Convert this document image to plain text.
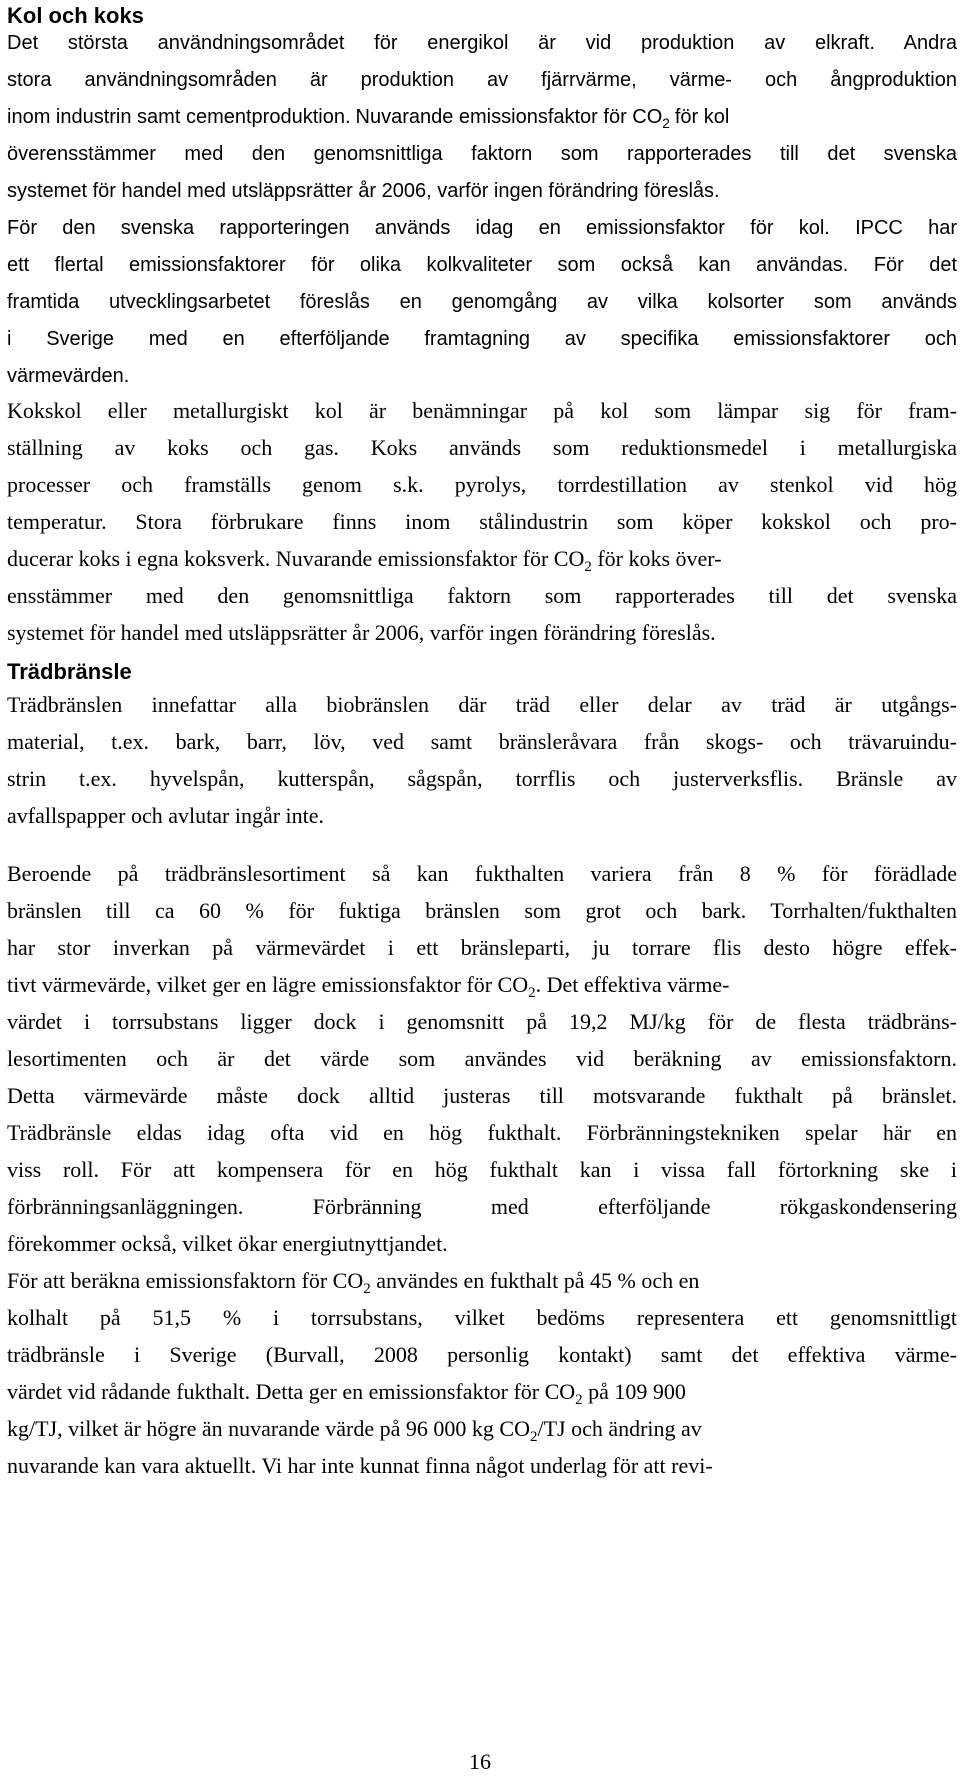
Kol och koks
Det största användningsområdet för energikol är vid produktion av elkraft. Andra
stora användningsområden är produktion av fjärrvärme, värme- och ångproduktion
inom industrin samt cementproduktion. Nuvarande emissionsfaktor för $CO_2$ för kol
överensstämmer med den genomsnittliga faktorn som rapporterades till det svenska
systemet för handel med utsläppsrätter år 2006, varför ingen förändring föreslås.
För den svenska rapporteringen används idag en emissionsfaktor för kol. IPCC har
ett flertal emissionsfaktorer för olika kolkvaliteter som också kan användas. För det
framtida utvecklingsarbetet föreslås en genomgång av vilka kolsorter som används
i Sverige med en efterföljande framtagning av specifika emissionsfaktorer och
värmevärden.
Kokskol eller metallurgiskt kol är benämningar på kol som lämpar sig för fram-
ställning av koks och gas. Koks används som reduktionsmedel i metallurgiska
processer och framställs genom s.k. pyrolys, torrdestillation av stenkol vid hög
temperatur. Stora förbrukare finns inom stålindustrin som köper kokskol och pro-
ducerar koks i egna koksverk. Nuvarande emissionsfaktor för $CO_2$ för koks över-
ensstämmer med den genomsnittliga faktorn som rapporterades till det svenska
systemet för handel med utsläppsrätter år 2006, varför ingen förändring föreslås.
Trädbränsle
Trädbränslen innefattar alla biobränslen där träd eller delar av träd är utgångs-
material, t.ex. bark, barr, löv, ved samt bränsleråvara från skogs- och trävaruindu-
strin t.ex. hyvelspån, kutterspån, sågspån, torrflis och justerverksflis. Bränsle av
avfallspapper och avlutar ingår inte.
Beroende på trädbränslesortiment så kan fukthalten variera från 8 % för förädlade
bränslen till ca 60 % för fuktiga bränslen som grot och bark. Torrhalten/fukthalten
har stor inverkan på värmevärdet i ett bränsleparti, ju torrare flis desto högre effek-
tivt värmevärde, vilket ger en lägre emissionsfaktor för $CO_2$. Det effektiva värme-
värdet i torrsubstans ligger dock i genomsnitt på 19,2 MJ/kg för de flesta trädbräns-
lesortimenten och är det värde som användes vid beräkning av emissionsfaktorn.
Detta värmevärde måste dock alltid justeras till motsvarande fukthalt på bränslet.
Trädbränsle eldas idag ofta vid en hög fukthalt. Förbränningstekniken spelar här en
viss roll. För att kompensera för en hög fukthalt kan i vissa fall förtorkning ske i
förbränningsanläggningen. Förbränning med efterföljande rökgaskondensering
förekommer också, vilket ökar energiutnyttjandet.
För att beräkna emissionsfaktorn för $CO_2$ användes en fukthalt på 45 % och en
kolhalt på 51,5 % i torrsubstans, vilket bedöms representera ett genomsnittligt
trädbränsle i Sverige (Burvall, 2008 personlig kontakt) samt det effektiva värme-
värdet vid rådande fukthalt. Detta ger en emissionsfaktor för $CO_2$ på 109 900
kg/TJ, vilket är högre än nuvarande värde på 96 000 kg $CO_2/TJ$ och ändring av
nuvarande kan vara aktuellt. Vi har inte kunnat finna något underlag för att revi-
16
